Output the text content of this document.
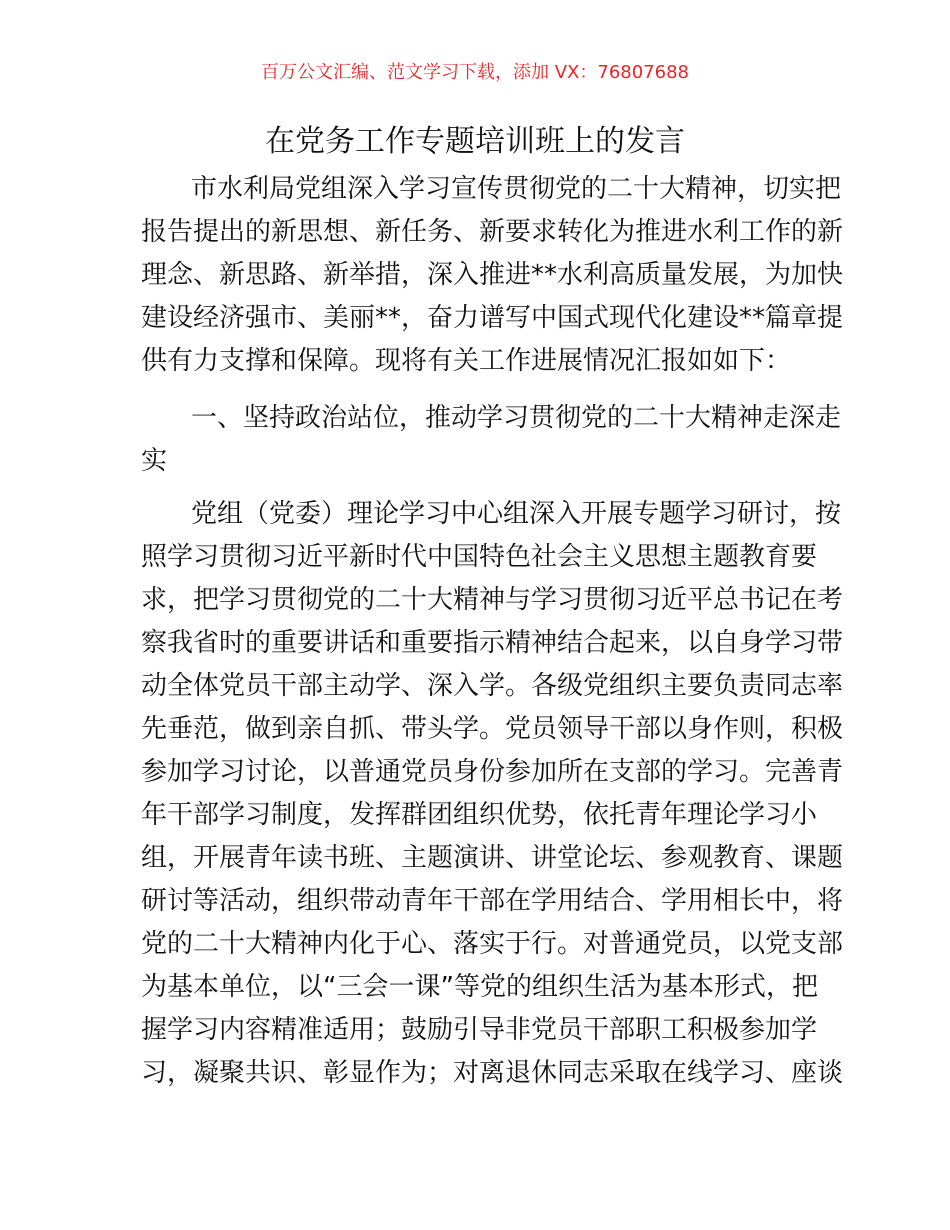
百万公文汇编、范文学习下载，添加 VX：76807688
在党务工作专题培训班上的发言
市水利局党组深入学习宣传贯彻党的二十大精神，切实把
报告提出的新思想、新任务、新要求转化为推进水利工作的新
理念、新思路、新举措，深入推进**水利高质量发展，为加快
建设经济强市、美丽**，奋力谱写中国式现代化建设**篇章提
供有力支撑和保障。现将有关工作进展情况汇报如如下：
一、坚持政治站位，推动学习贯彻党的二十大精神走深走
实
党组（党委）理论学习中心组深入开展专题学习研讨，按
照学习贯彻习近平新时代中国特色社会主义思想主题教育要
求，把学习贯彻党的二十大精神与学习贯彻习近平总书记在考
察我省时的重要讲话和重要指示精神结合起来，以自身学习带
动全体党员干部主动学、深入学。各级党组织主要负责同志率
先垂范，做到亲自抓、带头学。党员领导干部以身作则，积极
参加学习讨论，以普通党员身份参加所在支部的学习。完善青
年干部学习制度，发挥群团组织优势，依托青年理论学习小
组，开展青年读书班、主题演讲、讲堂论坛、参观教育、课题
研讨等活动，组织带动青年干部在学用结合、学用相长中，将
党的二十大精神内化于心、落实于行。对普通党员，以党支部
为基本单位，以“三会一课”等党的组织生活为基本形式，把
握学习内容精准适用；鼓励引导非党员干部职工积极参加学
习，凝聚共识、彰显作为；对离退休同志采取在线学习、座谈
